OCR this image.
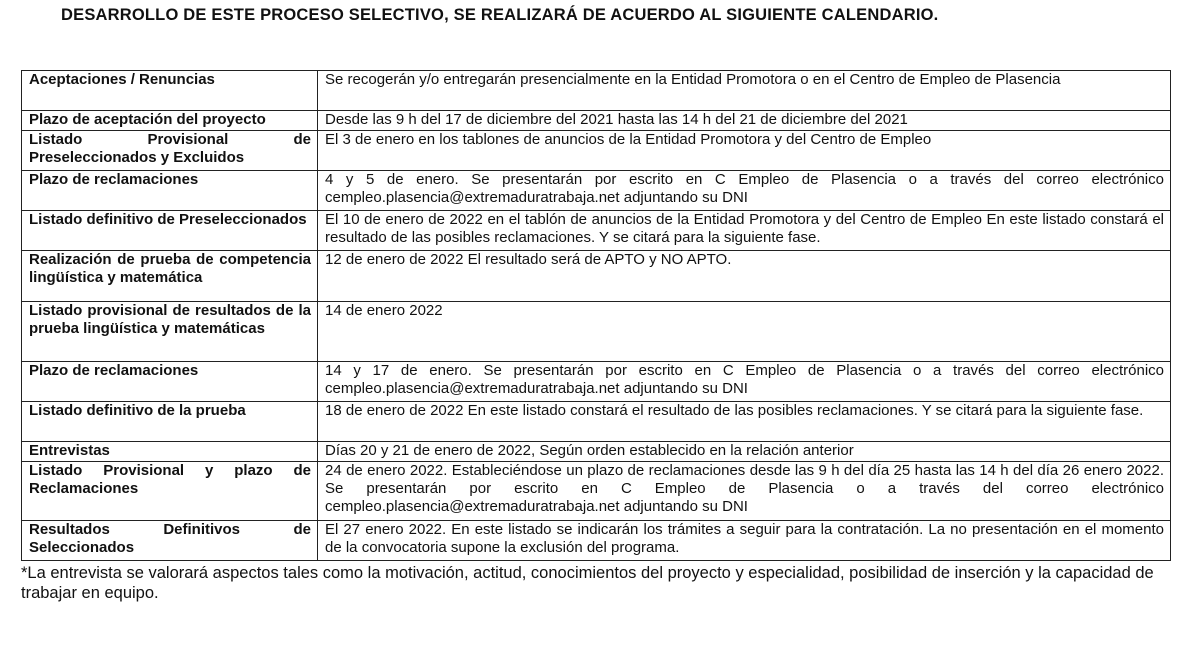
DESARROLLO DE ESTE PROCESO SELECTIVO, SE REALIZARÁ DE ACUERDO AL SIGUIENTE CALENDARIO.
Aceptaciones / Renuncias	Se recogerán y/o entregarán presencialmente en la Entidad Promotora o en el Centro de Empleo de Plasencia
Plazo de aceptación del proyecto	Desde las 9 h del 17 de diciembre del 2021 hasta las 14 h del 21 de diciembre del 2021
Listado Provisional de Preseleccionados y Excluidos	El 3 de enero en los tablones de anuncios de la Entidad Promotora y del Centro de Empleo
Plazo de reclamaciones	4 y 5 de enero. Se presentarán por escrito en C Empleo de Plasencia o a través del correo electrónico cempleo.plasencia@extremaduratrabaja.net adjuntando su DNI
Listado definitivo de Preseleccionados	El 10 de enero de 2022 en el tablón de anuncios de la Entidad Promotora y del Centro de Empleo En este listado constará el resultado de las posibles reclamaciones. Y se citará para la siguiente fase.
Realización de prueba de competencia lingüística y matemática	12 de enero de 2022 El resultado será de APTO y NO APTO.
Listado provisional de resultados de la prueba lingüística y matemáticas	14 de enero 2022
Plazo de reclamaciones	14 y 17 de enero. Se presentarán por escrito en C Empleo de Plasencia o a través del correo electrónico cempleo.plasencia@extremaduratrabaja.net adjuntando su DNI
Listado definitivo de la prueba	18 de enero de 2022 En este listado constará el resultado de las posibles reclamaciones. Y se citará para la siguiente fase.
Entrevistas	Días 20 y 21 de enero de 2022, Según orden establecido en la relación anterior
Listado Provisional y plazo de Reclamaciones	24 de enero 2022. Estableciéndose un plazo de reclamaciones desde las 9 h del día 25 hasta las 14 h del día 26 enero 2022. Se presentarán por escrito en C Empleo de Plasencia o a través del correo electrónico cempleo.plasencia@extremaduratrabaja.net adjuntando su DNI
Resultados Definitivos de Seleccionados	El 27 enero 2022. En este listado se indicarán los trámites a seguir para la contratación. La no presentación en el momento de la convocatoria supone la exclusión del programa.
*La entrevista se valorará aspectos tales como la motivación, actitud, conocimientos del proyecto y especialidad, posibilidad de inserción y la capacidad de trabajar en equipo.
